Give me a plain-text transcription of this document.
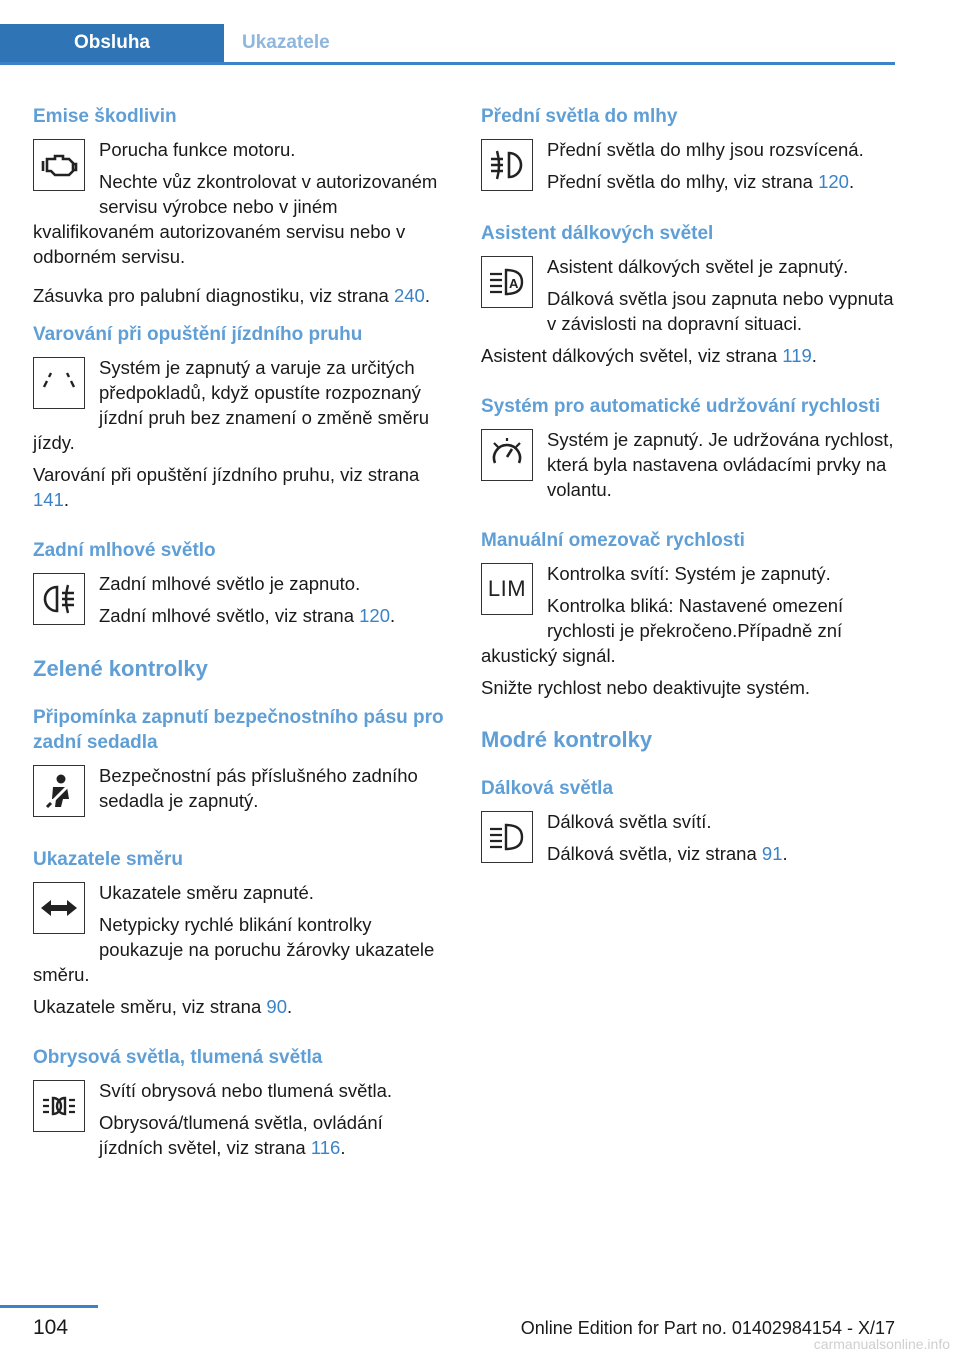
Obsluha	Ukazatele
Emise škodlivin

Porucha funkce motoru.

Nechte vůz zkontrolovat v autorizovaném servisu výrobce nebo v jiném kvalifikovaném autorizovaném servisu nebo v odborném servisu.

Zásuvka pro palubní diagnostiku, viz strana 240.

Varování při opuštění jízdního pruhu

Systém je zapnutý a varuje za určitých předpokladů, když opustíte rozpoznaný jízdní pruh bez znamení o změně směru jízdy.

Varování při opuštění jízdního pruhu, viz strana 141.

Zadní mlhové světlo

Zadní mlhové světlo je zapnuto.

Zadní mlhové světlo, viz strana 120.

Zelené kontrolky
Připomínka zapnutí bezpečnostního pásu pro zadní sedadla

Bezpečnostní pás příslušného zadního sedadla je zapnutý.

Ukazatele směru

Ukazatele směru zapnuté.

Netypicky rychlé blikání kontrolky poukazuje na poruchu žárovky ukazatele směru.

Ukazatele směru, viz strana 90.

Obrysová světla, tlumená světla

Svítí obrysová nebo tlumená světla.

Obrysová/tlumená světla, ovládání jízdních světel, viz strana 116.

Přední světla do mlhy

Přední světla do mlhy jsou rozsvícená.

Přední světla do mlhy, viz strana 120.

Asistent dálkových světel
A

Asistent dálkových světel je zapnutý.

Dálková světla jsou zapnuta nebo vypnuta v závislosti na dopravní situaci.

Asistent dálkových světel, viz strana 119.

Systém pro automatické udržování rychlosti

Systém je zapnutý. Je udržována rychlost, která byla nastavena ovládacími prvky na volantu.

Manuální omezovač rychlosti
LIM

Kontrolka svítí: Systém je zapnutý.

Kontrolka bliká: Nastavené omezení rychlosti je překročeno.Případně zní akustický signál.

Snižte rychlost nebo deaktivujte systém.

Modré kontrolky
Dálková světla

Dálková světla svítí.

Dálková světla, viz strana 91.

104	Online Edition for Part no. 01402984154 - X/17
carmanualsonline.info
